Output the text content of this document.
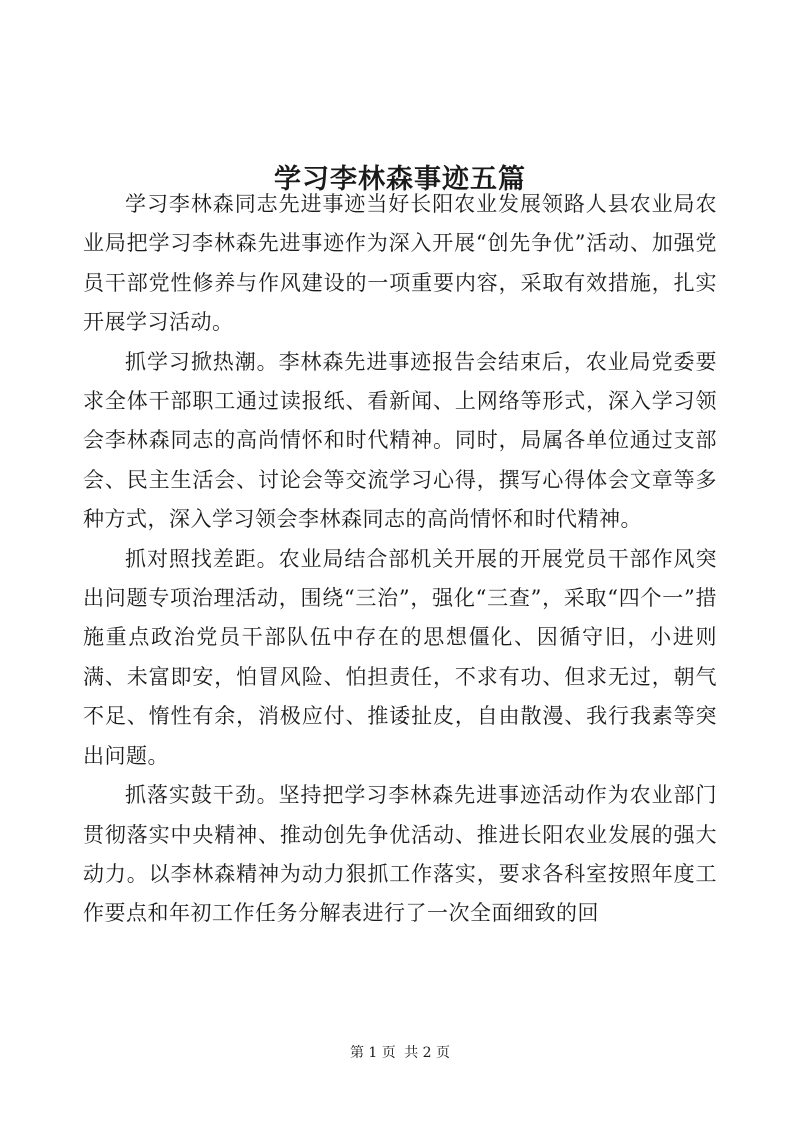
学习李林森事迹五篇

学习李林森同志先进事迹当好长阳农业发展领路人县农业局农业局把学习李林森先进事迹作为深入开展“创先争优”活动、加强党员干部党性修养与作风建设的一项重要内容，采取有效措施，扎实开展学习活动。

抓学习掀热潮。李林森先进事迹报告会结束后，农业局党委要求全体干部职工通过读报纸、看新闻、上网络等形式，深入学习领会李林森同志的高尚情怀和时代精神。同时，局属各单位通过支部会、民主生活会、讨论会等交流学习心得，撰写心得体会文章等多种方式，深入学习领会李林森同志的高尚情怀和时代精神。

抓对照找差距。农业局结合部机关开展的开展党员干部作风突出问题专项治理活动，围绕“三治”，强化“三查”，采取“四个一”措施重点政治党员干部队伍中存在的思想僵化、因循守旧，小进则满、未富即安，怕冒风险、怕担责任，不求有功、但求无过，朝气不足、惰性有余，消极应付、推诿扯皮，自由散漫、我行我素等突出问题。

抓落实鼓干劲。坚持把学习李林森先进事迹活动作为农业部门贯彻落实中央精神、推动创先争优活动、推进长阳农业发展的强大动力。以李林森精神为动力狠抓工作落实，要求各科室按照年度工作要点和年初工作任务分解表进行了一次全面细致的回

第 1 页 共 2 页
